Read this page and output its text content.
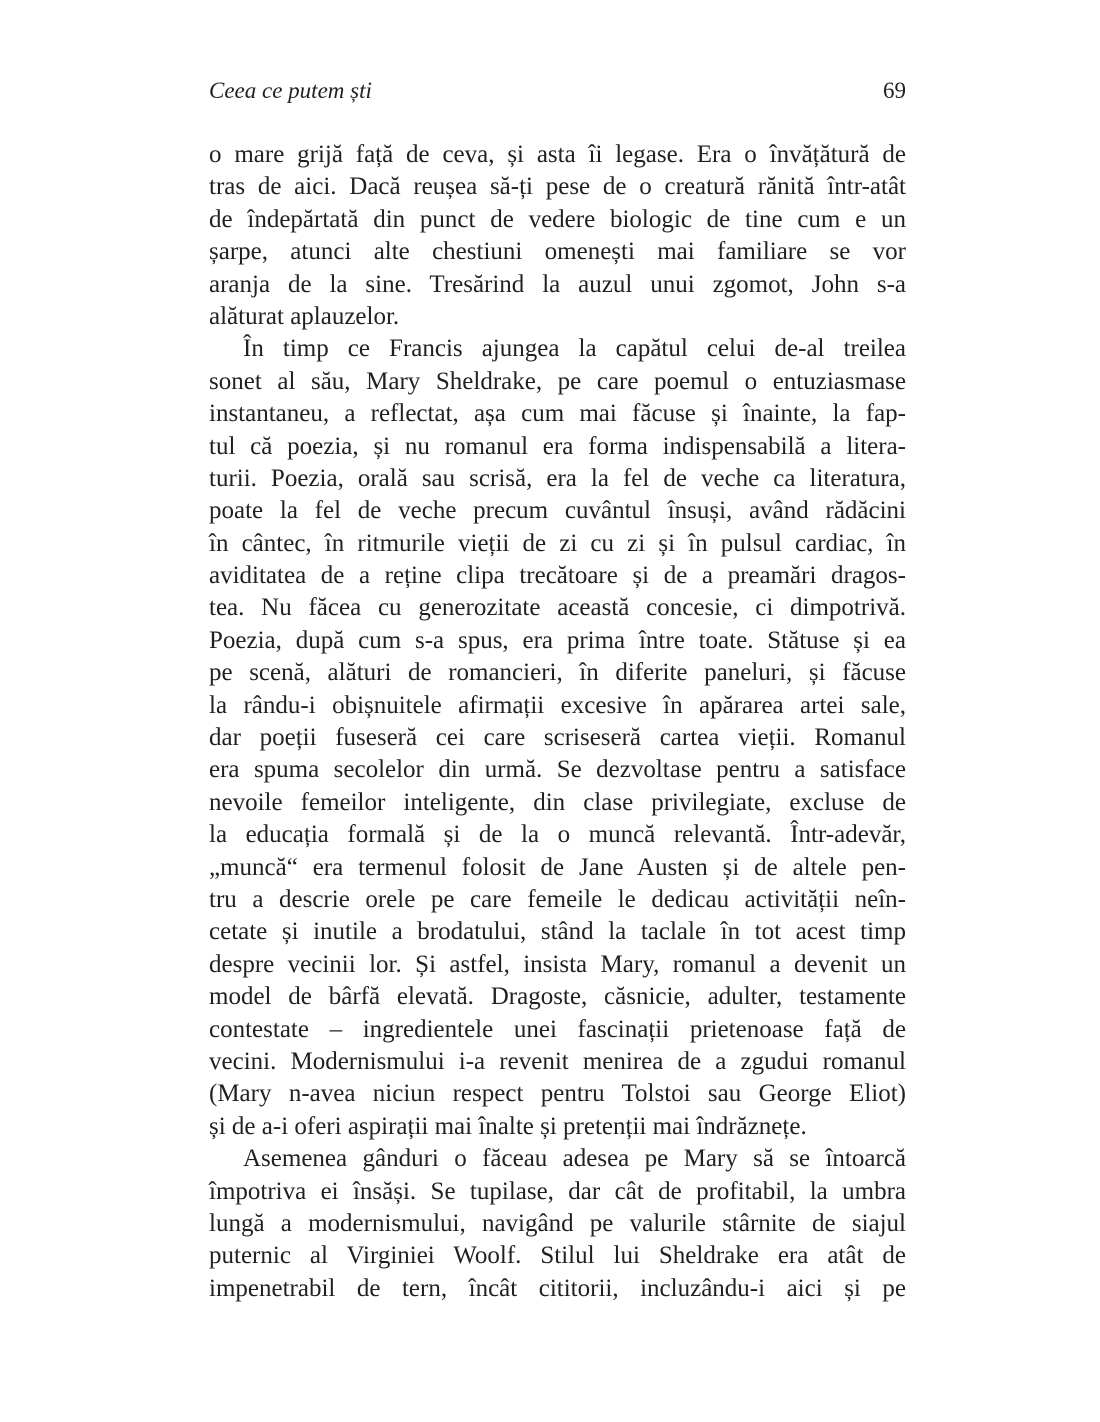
Ceea ce putem ști	69

o mare grijă față de ceva, și asta îi legase. Era o învățătură de
tras de aici. Dacă reușea să-ți pese de o creatură rănită într-atât
de îndepărtată din punct de vedere biologic de tine cum e un
șarpe, atunci alte chestiuni omenești mai familiare se vor
aranja de la sine. Tresărind la auzul unui zgomot, John s-a
alăturat aplauzelor.

În timp ce Francis ajungea la capătul celui de-al treilea
sonet al său, Mary Sheldrake, pe care poemul o entuziasmase
instantaneu, a reflectat, așa cum mai făcuse și înainte, la fap-
tul că poezia, și nu romanul era forma indispensabilă a litera-
turii. Poezia, orală sau scrisă, era la fel de veche ca literatura,
poate la fel de veche precum cuvântul însuși, având rădăcini
în cântec, în ritmurile vieții de zi cu zi și în pulsul cardiac, în
aviditatea de a reține clipa trecătoare și de a preamări dragos-
tea. Nu făcea cu generozitate această concesie, ci dimpotrivă.
Poezia, după cum s-a spus, era prima între toate. Stătuse și ea
pe scenă, alături de romancieri, în diferite paneluri, și făcuse
la rându-i obișnuitele afirmații excesive în apărarea artei sale,
dar poeții fuseseră cei care scriseseră cartea vieții. Romanul
era spuma secolelor din urmă. Se dezvoltase pentru a satisface
nevoile femeilor inteligente, din clase privilegiate, excluse de
la educația formală și de la o muncă relevantă. Într-adevăr,
„muncă“ era termenul folosit de Jane Austen și de altele pen-
tru a descrie orele pe care femeile le dedicau activității neîn-
cetate și inutile a brodatului, stând la taclale în tot acest timp
despre vecinii lor. Și astfel, insista Mary, romanul a devenit un
model de bârfă elevată. Dragoste, căsnicie, adulter, testamente
contestate – ingredientele unei fascinații prietenoase față de
vecini. Modernismului i-a revenit menirea de a zgudui romanul
(Mary n-avea niciun respect pentru Tolstoi sau George Eliot)
și de a-i oferi aspirații mai înalte și pretenții mai îndrăznețe.

Asemenea gânduri o făceau adesea pe Mary să se întoarcă
împotriva ei însăși. Se tupilase, dar cât de profitabil, la umbra
lungă a modernismului, navigând pe valurile stârnite de siajul
puternic al Virginiei Woolf. Stilul lui Sheldrake era atât de
impenetrabil de tern, încât cititorii, incluzându-i aici și pe
